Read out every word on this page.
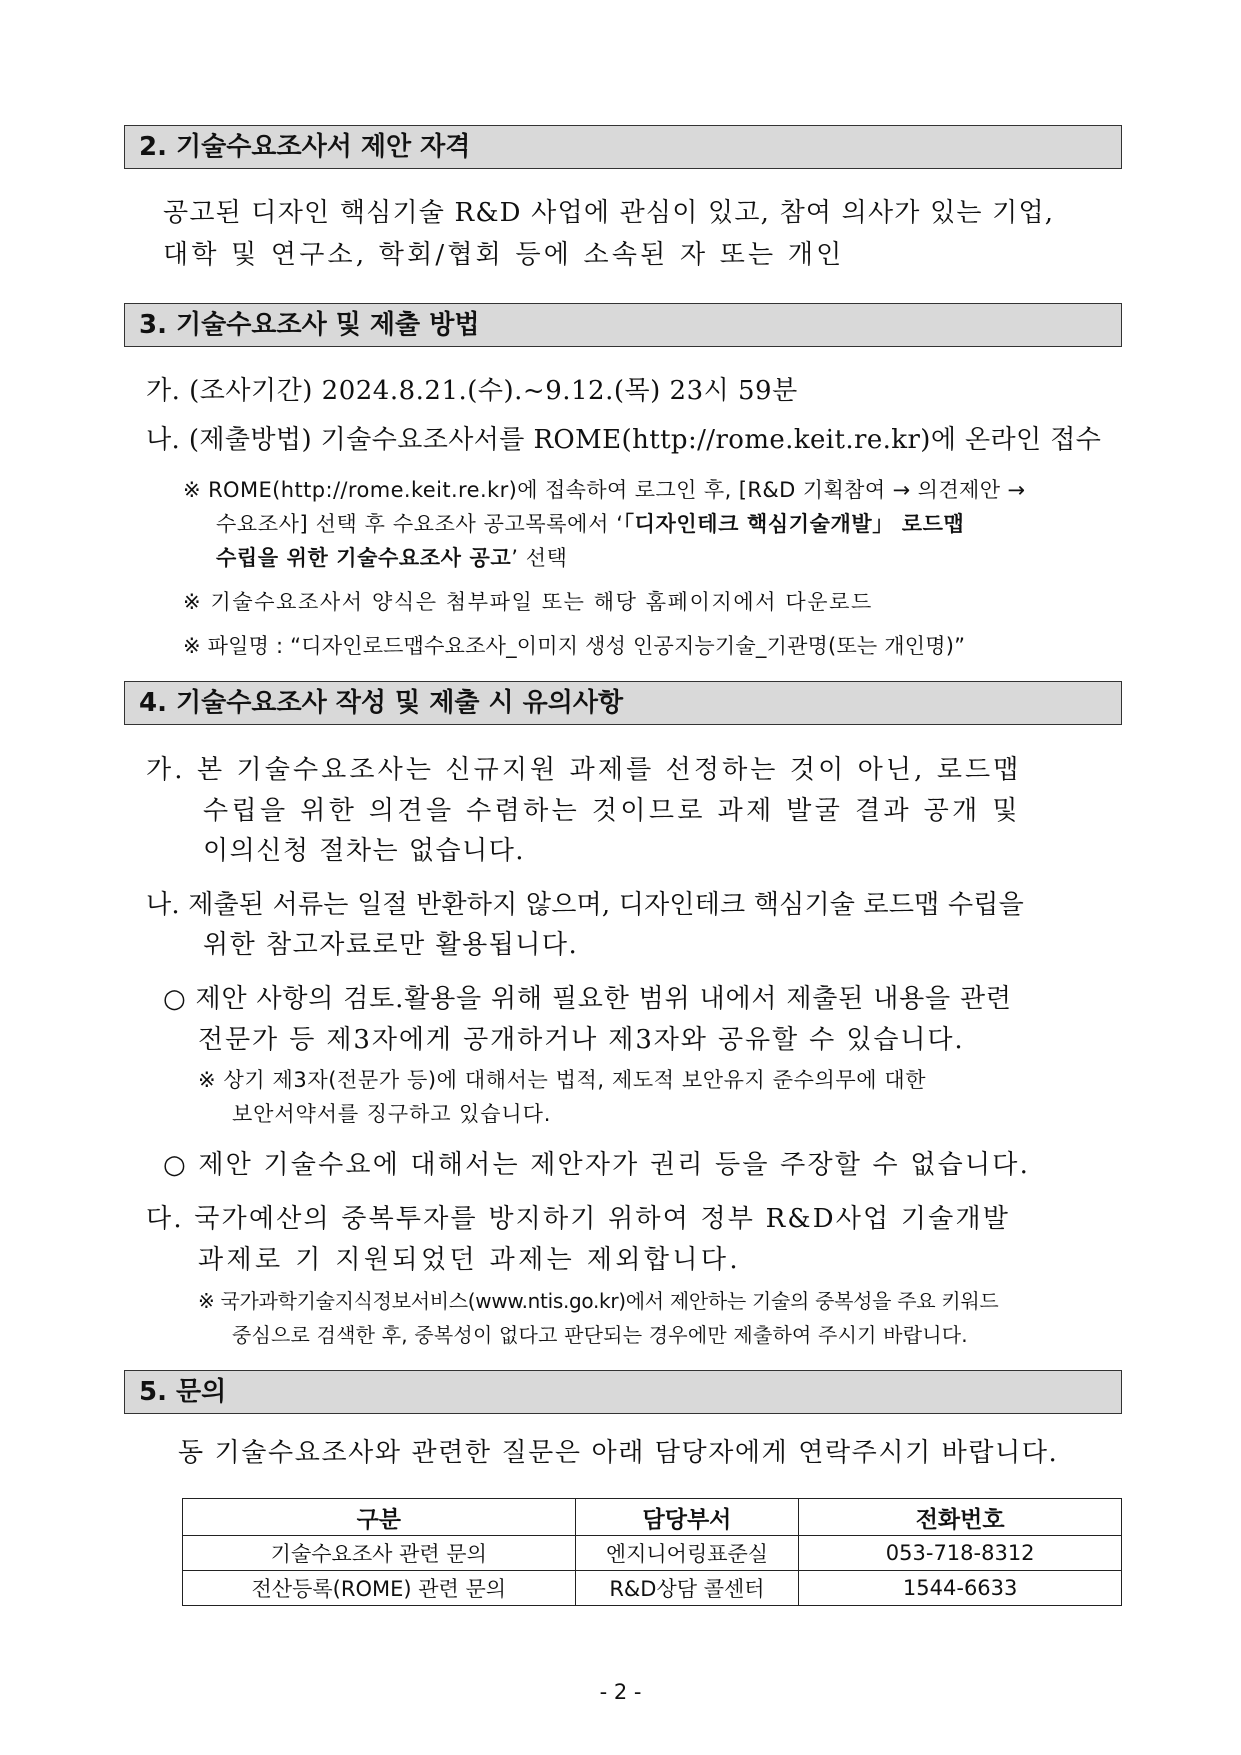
2. 기술수요조사서 제안 자격
공고된 디자인 핵심기술 R&D 사업에 관심이 있고, 참여 의사가 있는 기업,
대학 및 연구소, 학회/협회 등에 소속된 자 또는 개인
3. 기술수요조사 및 제출 방법
가. (조사기간) 2024.8.21.(수).~9.12.(목) 23시 59분
나. (제출방법) 기술수요조사서를 ROME(http://rome.keit.re.kr)에 온라인 접수
※ ROME(http://rome.keit.re.kr)에 접속하여 로그인 후, [R&D 기획참여 → 의견제안 →
수요조사] 선택 후 수요조사 공고목록에서 ‘「디자인테크 핵심기술개발」 로드맵
수립을 위한 기술수요조사 공고’ 선택
※ 기술수요조사서 양식은 첨부파일 또는 해당 홈페이지에서 다운로드
※ 파일명 : “디자인로드맵수요조사_이미지 생성 인공지능기술_기관명(또는 개인명)”
4. 기술수요조사 작성 및 제출 시 유의사항
가. 본 기술수요조사는 신규지원 과제를 선정하는 것이 아닌, 로드맵
수립을 위한 의견을 수렴하는 것이므로 과제 발굴 결과 공개 및
이의신청 절차는 없습니다.
나. 제출된 서류는 일절 반환하지 않으며, 디자인테크 핵심기술 로드맵 수립을
위한 참고자료로만 활용됩니다.
○ 제안 사항의 검토.활용을 위해 필요한 범위 내에서 제출된 내용을 관련
전문가 등 제3자에게 공개하거나 제3자와 공유할 수 있습니다.
※ 상기 제3자(전문가 등)에 대해서는 법적, 제도적 보안유지 준수의무에 대한
보안서약서를 징구하고 있습니다.
○ 제안 기술수요에 대해서는 제안자가 권리 등을 주장할 수 없습니다.
다. 국가예산의 중복투자를 방지하기 위하여 정부 R&D사업 기술개발
과제로 기 지원되었던 과제는 제외합니다.
※ 국가과학기술지식정보서비스(www.ntis.go.kr)에서 제안하는 기술의 중복성을 주요 키워드
중심으로 검색한 후, 중복성이 없다고 판단되는 경우에만 제출하여 주시기 바랍니다.
5. 문의
동 기술수요조사와 관련한 질문은 아래 담당자에게 연락주시기 바랍니다.
구분	담당부서	전화번호
기술수요조사 관련 문의	엔지니어링표준실	053-718-8312
전산등록(ROME) 관련 문의	R&D상담 콜센터	1544-6633
- 2 -
